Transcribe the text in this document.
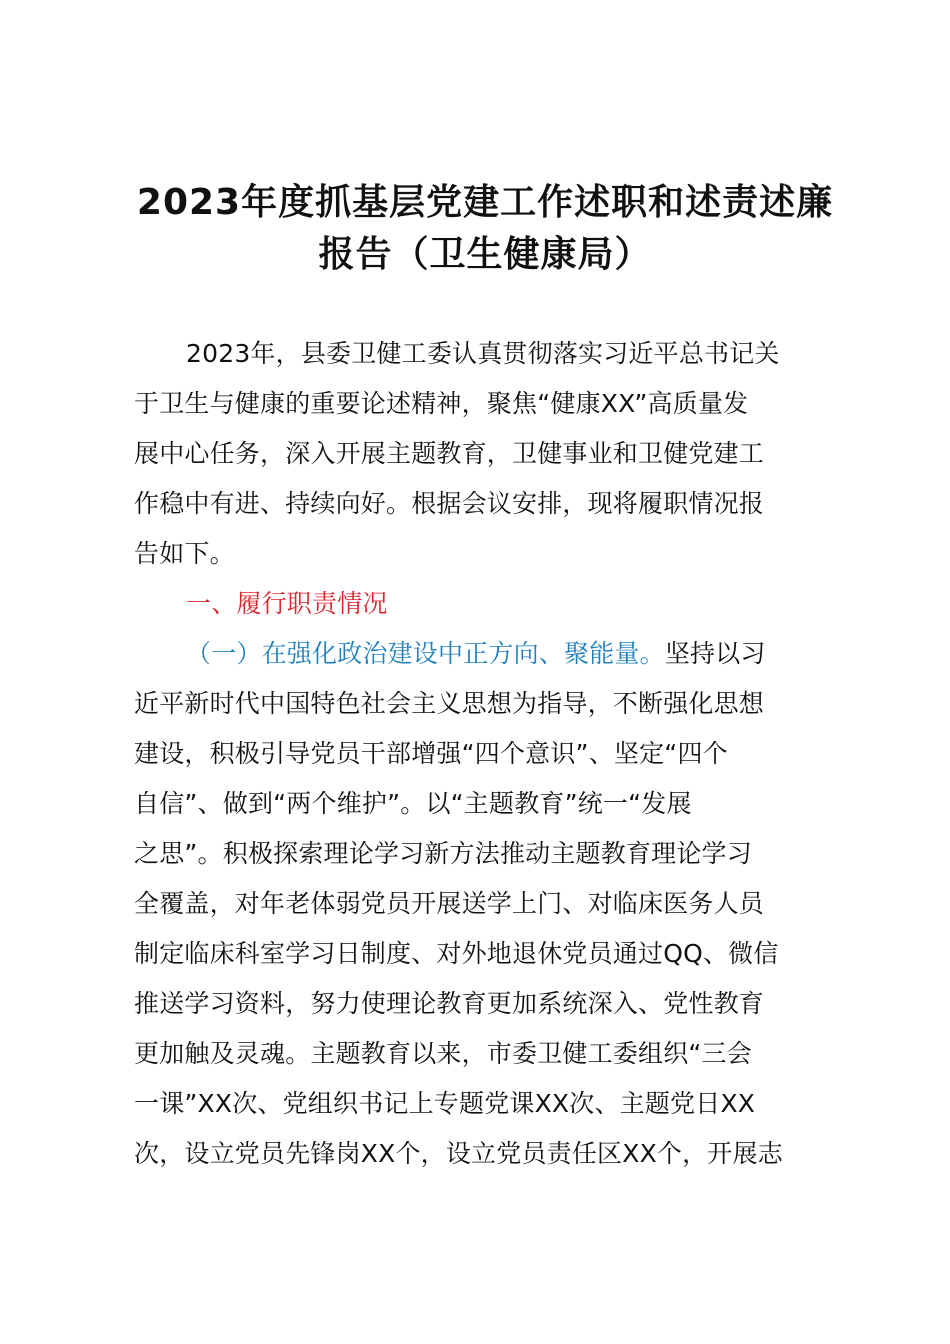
2023年度抓基层党建工作述职和述责述廉
报告（卫生健康局）
2023年，县委卫健工委认真贯彻落实习近平总书记关
于卫生与健康的重要论述精神，聚焦“健康XX”高质量发
展中心任务，深入开展主题教育，卫健事业和卫健党建工
作稳中有进、持续向好。根据会议安排，现将履职情况报
告如下。
一、履行职责情况
（一）在强化政治建设中正方向、聚能量。坚持以习
近平新时代中国特色社会主义思想为指导，不断强化思想
建设，积极引导党员干部增强“四个意识”、坚定“四个
自信”、做到“两个维护”。以“主题教育”统一“发展
之思”。积极探索理论学习新方法推动主题教育理论学习
全覆盖，对年老体弱党员开展送学上门、对临床医务人员
制定临床科室学习日制度、对外地退休党员通过QQ、微信
推送学习资料，努力使理论教育更加系统深入、党性教育
更加触及灵魂。主题教育以来，市委卫健工委组织“三会
一课”XX次、党组织书记上专题党课XX次、主题党日XX
次，设立党员先锋岗XX个，设立党员责任区XX个，开展志
